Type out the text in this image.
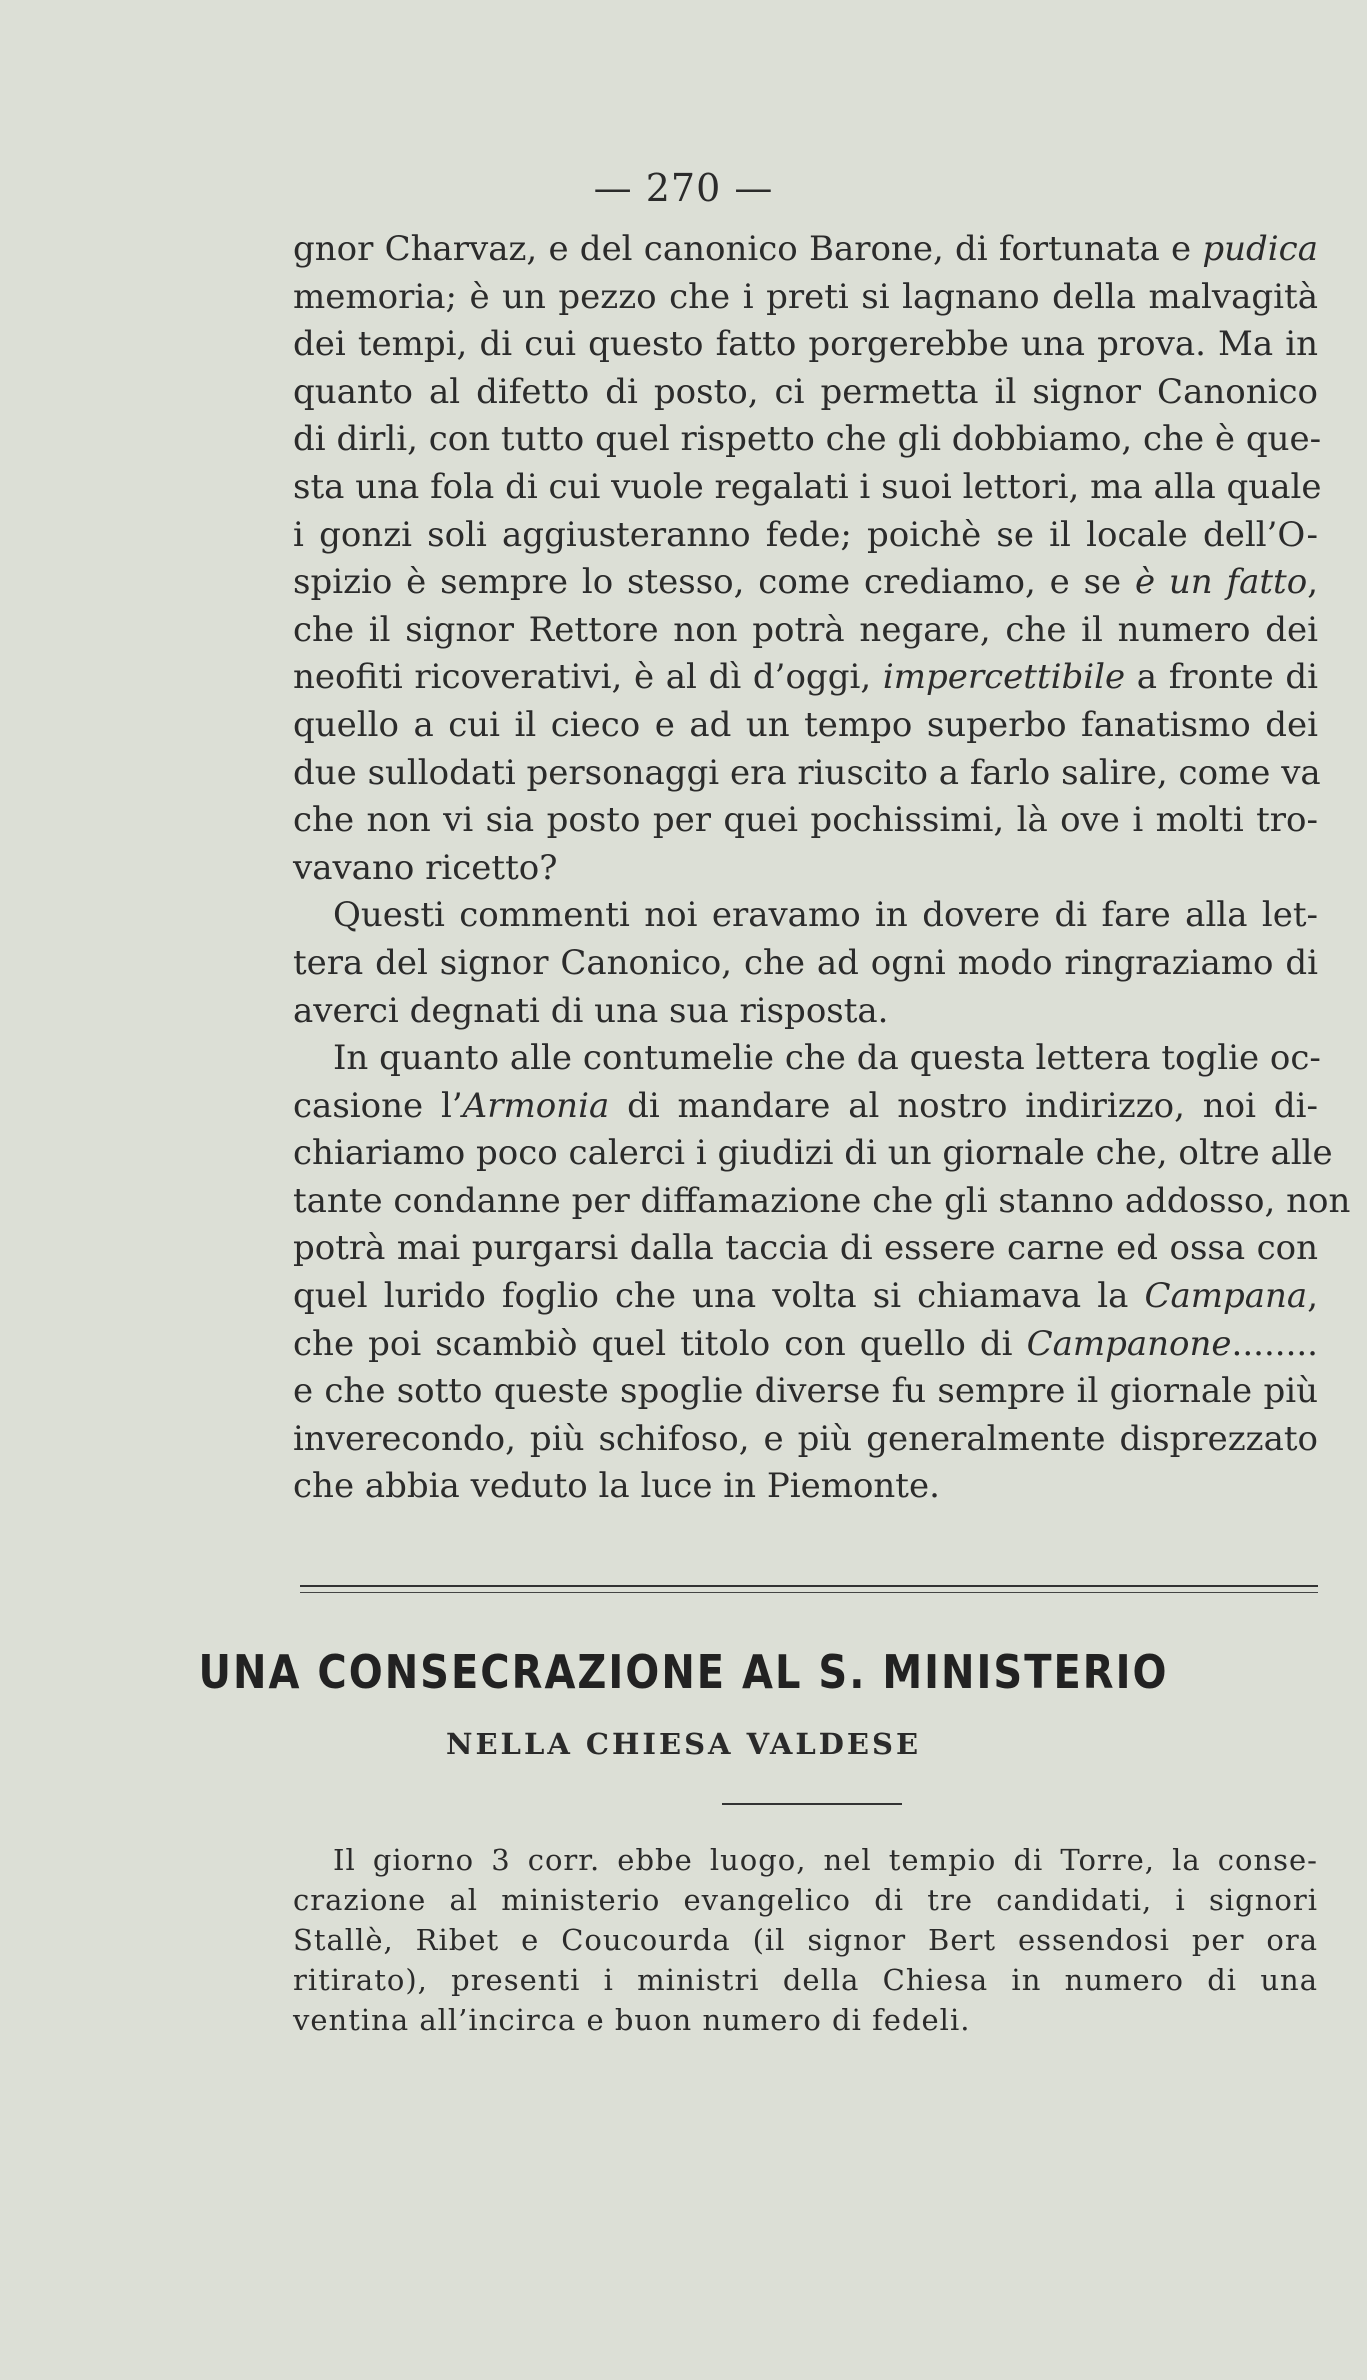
— 270 —
gnor Charvaz, e del canonico Barone, di fortunata e pudica
memoria; è un pezzo che i preti si lagnano della malvagità
dei tempi, di cui questo fatto porgerebbe una prova. Ma in
quanto al difetto di posto, ci permetta il signor Canonico
di dirli, con tutto quel rispetto che gli dobbiamo, che è que-
sta una fola di cui vuole regalati i suoi lettori, ma alla quale
i gonzi soli aggiusteranno fede; poichè se il locale dell’O-
spizio è sempre lo stesso, come crediamo, e se è un fatto,
che il signor Rettore non potrà negare, che il numero dei
neofiti ricoverativi, è al dì d’oggi, impercettibile a fronte di
quello a cui il cieco e ad un tempo superbo fanatismo dei
due sullodati personaggi era riuscito a farlo salire, come va
che non vi sia posto per quei pochissimi, là ove i molti tro-
vavano ricetto?
Questi commenti noi eravamo in dovere di fare alla let-
tera del signor Canonico, che ad ogni modo ringraziamo di
averci degnati di una sua risposta.
In quanto alle contumelie che da questa lettera toglie oc-
casione l’Armonia di mandare al nostro indirizzo, noi di-
chiariamo poco calerci i giudizi di un giornale che, oltre alle
tante condanne per diffamazione che gli stanno addosso, non
potrà mai purgarsi dalla taccia di essere carne ed ossa con
quel lurido foglio che una volta si chiamava la Campana,
che poi scambiò quel titolo con quello di Campanone........
e che sotto queste spoglie diverse fu sempre il giornale più
inverecondo, più schifoso, e più generalmente disprezzato
che abbia veduto la luce in Piemonte.
UNA CONSECRAZIONE AL S. MINISTERIO
NELLA CHIESA VALDESE
Il giorno 3 corr. ebbe luogo, nel tempio di Torre, la conse-
crazione al ministerio evangelico di tre candidati, i signori
Stallè, Ribet e Coucourda (il signor Bert essendosi per ora
ritirato), presenti i ministri della Chiesa in numero di una
ventina all’incirca e buon numero di fedeli.
